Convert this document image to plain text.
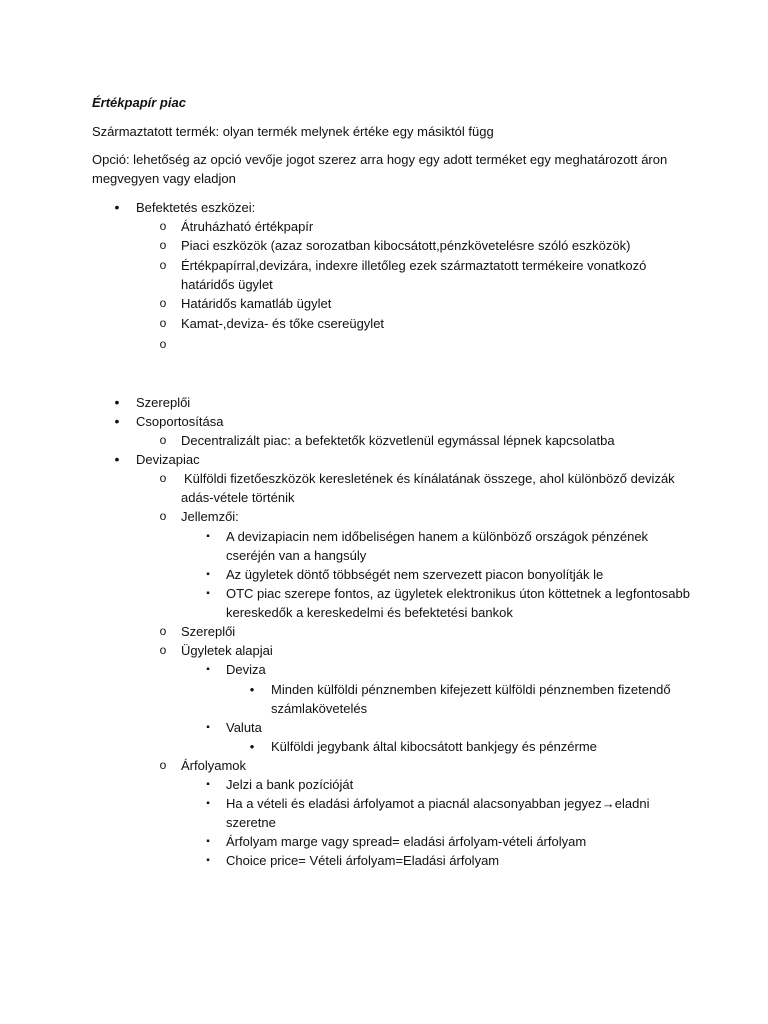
Értékpapír piac
Származtatott termék: olyan termék melynek értéke egy másiktól függ
Opció: lehetőség az opció vevője jogot szerez arra hogy egy adott terméket egy meghatározott áron
megvegyen vagy eladjon
•	Befektetés eszközei:
o	Átruházható értékpapír
o	Piaci eszközök (azaz sorozatban kibocsátott,pénzkövetelésre szóló eszközök)
o	Értékpapírral,devizára, indexre illetőleg ezek származtatott termékeire vonatkozó
határidős ügylet
o	Határidős kamatláb ügylet
o	Kamat-,deviza- és tőke csereügylet
o
•	Szereplői
•	Csoportosítása
o	Decentralizált piac: a befektetők közvetlenül egymással lépnek kapcsolatba
•	Devizapiac
o	Külföldi fizetőeszközök keresletének és kínálatának összege, ahol különböző devizák
adás-vétele történik
o	Jellemzői:
▪	A devizapiacin nem időbeliségen hanem a különböző országok pénzének
cseréjén van a hangsúly
▪	Az ügyletek döntő többségét nem szervezett piacon bonyolítják le
▪	OTC piac szerepe fontos, az ügyletek elektronikus úton köttetnek a legfontosabb
kereskedők a kereskedelmi és befektetési bankok
o	Szereplői
o	Ügyletek alapjai
▪	Deviza
•	Minden külföldi pénznemben kifejezett külföldi pénznemben fizetendő
számlakövetelés
▪	Valuta
•	Külföldi jegybank által kibocsátott bankjegy és pénzérme
o	Árfolyamok
▪	Jelzi a bank pozícióját
▪	Ha a vételi és eladási árfolyamot a piacnál alacsonyabban jegyez→eladni
szeretne
▪	Árfolyam marge vagy spread= eladási árfolyam-vételi árfolyam
▪	Choice price= Vételi árfolyam=Eladási árfolyam
